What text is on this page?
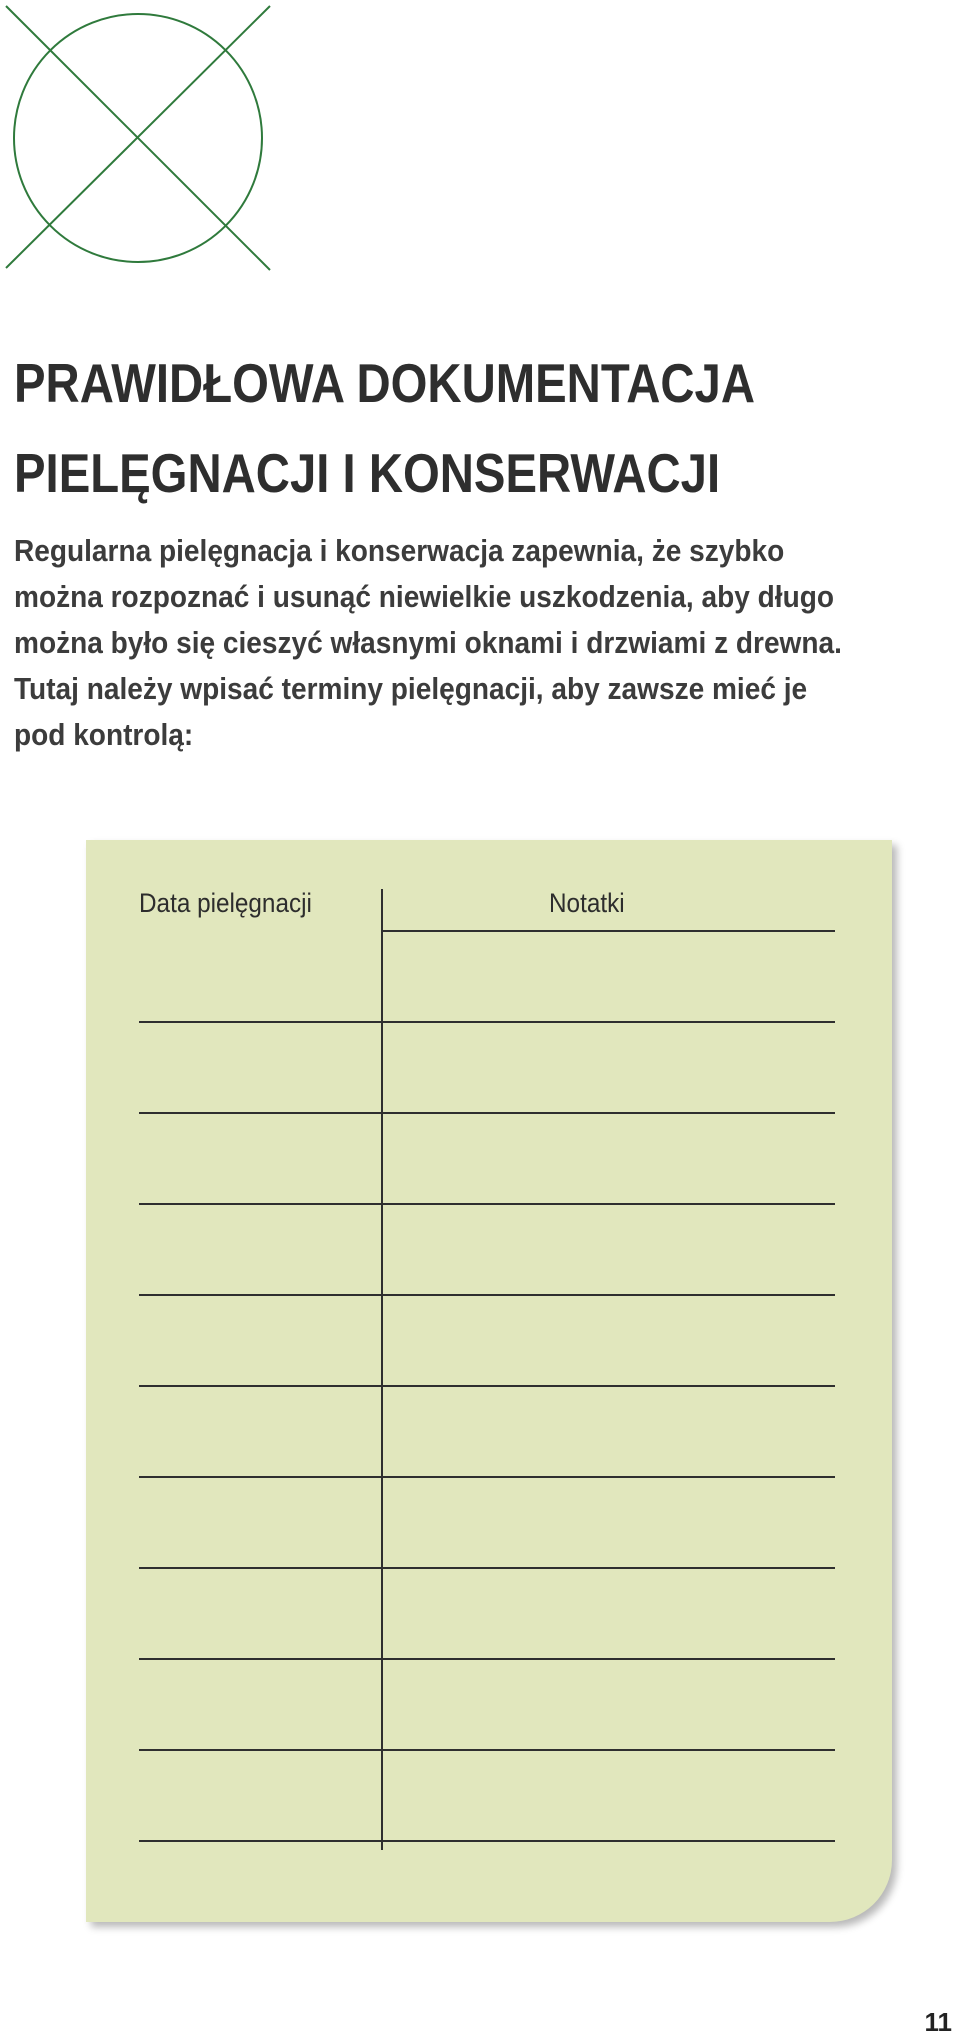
PRAWIDŁOWA DOKUMENTACJA
PIELĘGNACJI I KONSERWACJI

Regularna pielęgnacja i konserwacja zapewnia, że szybko
można rozpoznać i usunąć niewielkie uszkodzenia, aby długo
można było się cieszyć własnymi oknami i drzwiami z drewna.
Tutaj należy wpisać terminy pielęgnacji, aby zawsze mieć je
pod kontrolą:

Data pielęgnacji	Notatki
11
